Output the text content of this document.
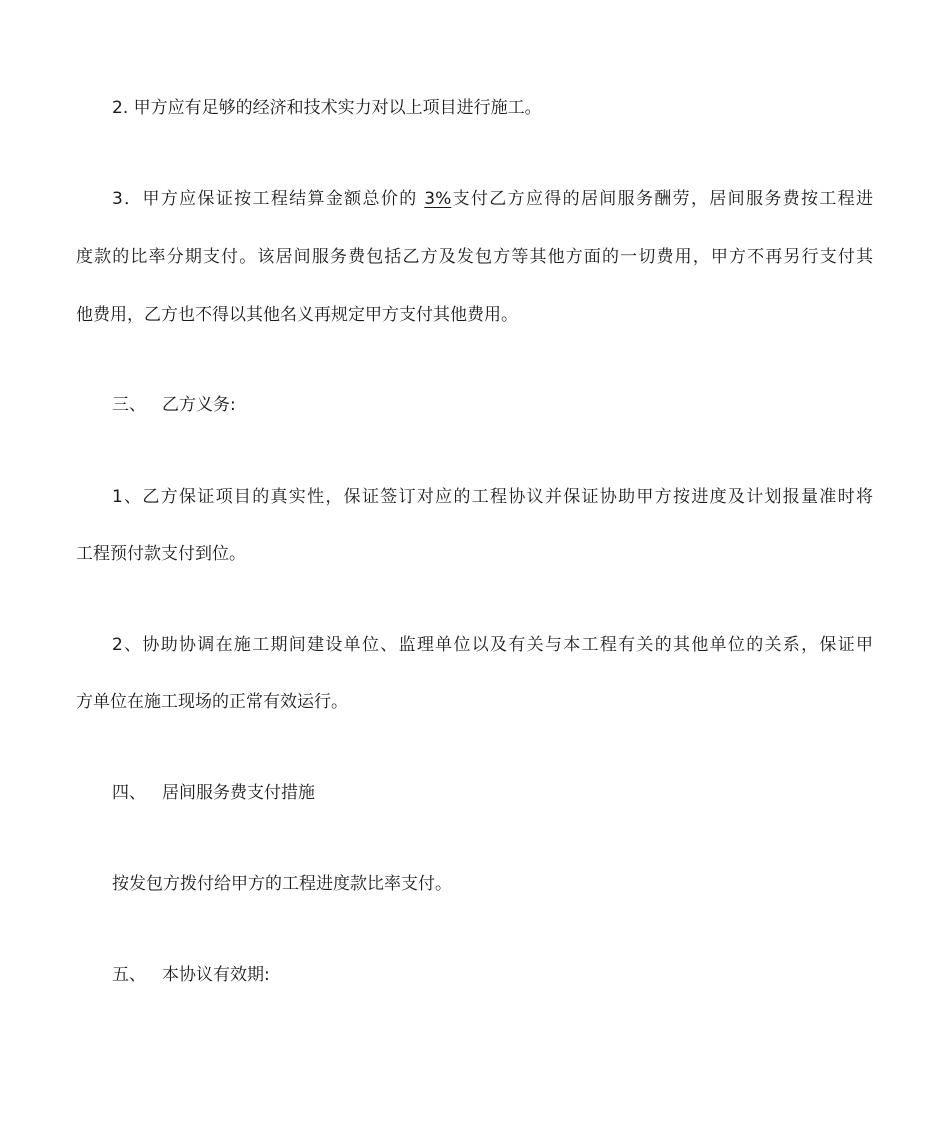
2. 甲方应有足够的经济和技术实力对以上项目进行施工。
3．甲方应保证按工程结算金额总价的 3%支付乙方应得的居间服务酬劳，居间服务费按工程进
度款的比率分期支付。该居间服务费包括乙方及发包方等其他方面的一切费用，甲方不再另行支付其
他费用，乙方也不得以其他名义再规定甲方支付其他费用。
三、 乙方义务:
1、乙方保证项目的真实性，保证签订对应的工程协议并保证协助甲方按进度及计划报量准时将
工程预付款支付到位。
2、协助协调在施工期间建设单位、监理单位以及有关与本工程有关的其他单位的关系，保证甲
方单位在施工现场的正常有效运行。
四、 居间服务费支付措施
按发包方拨付给甲方的工程进度款比率支付。
五、 本协议有效期:
